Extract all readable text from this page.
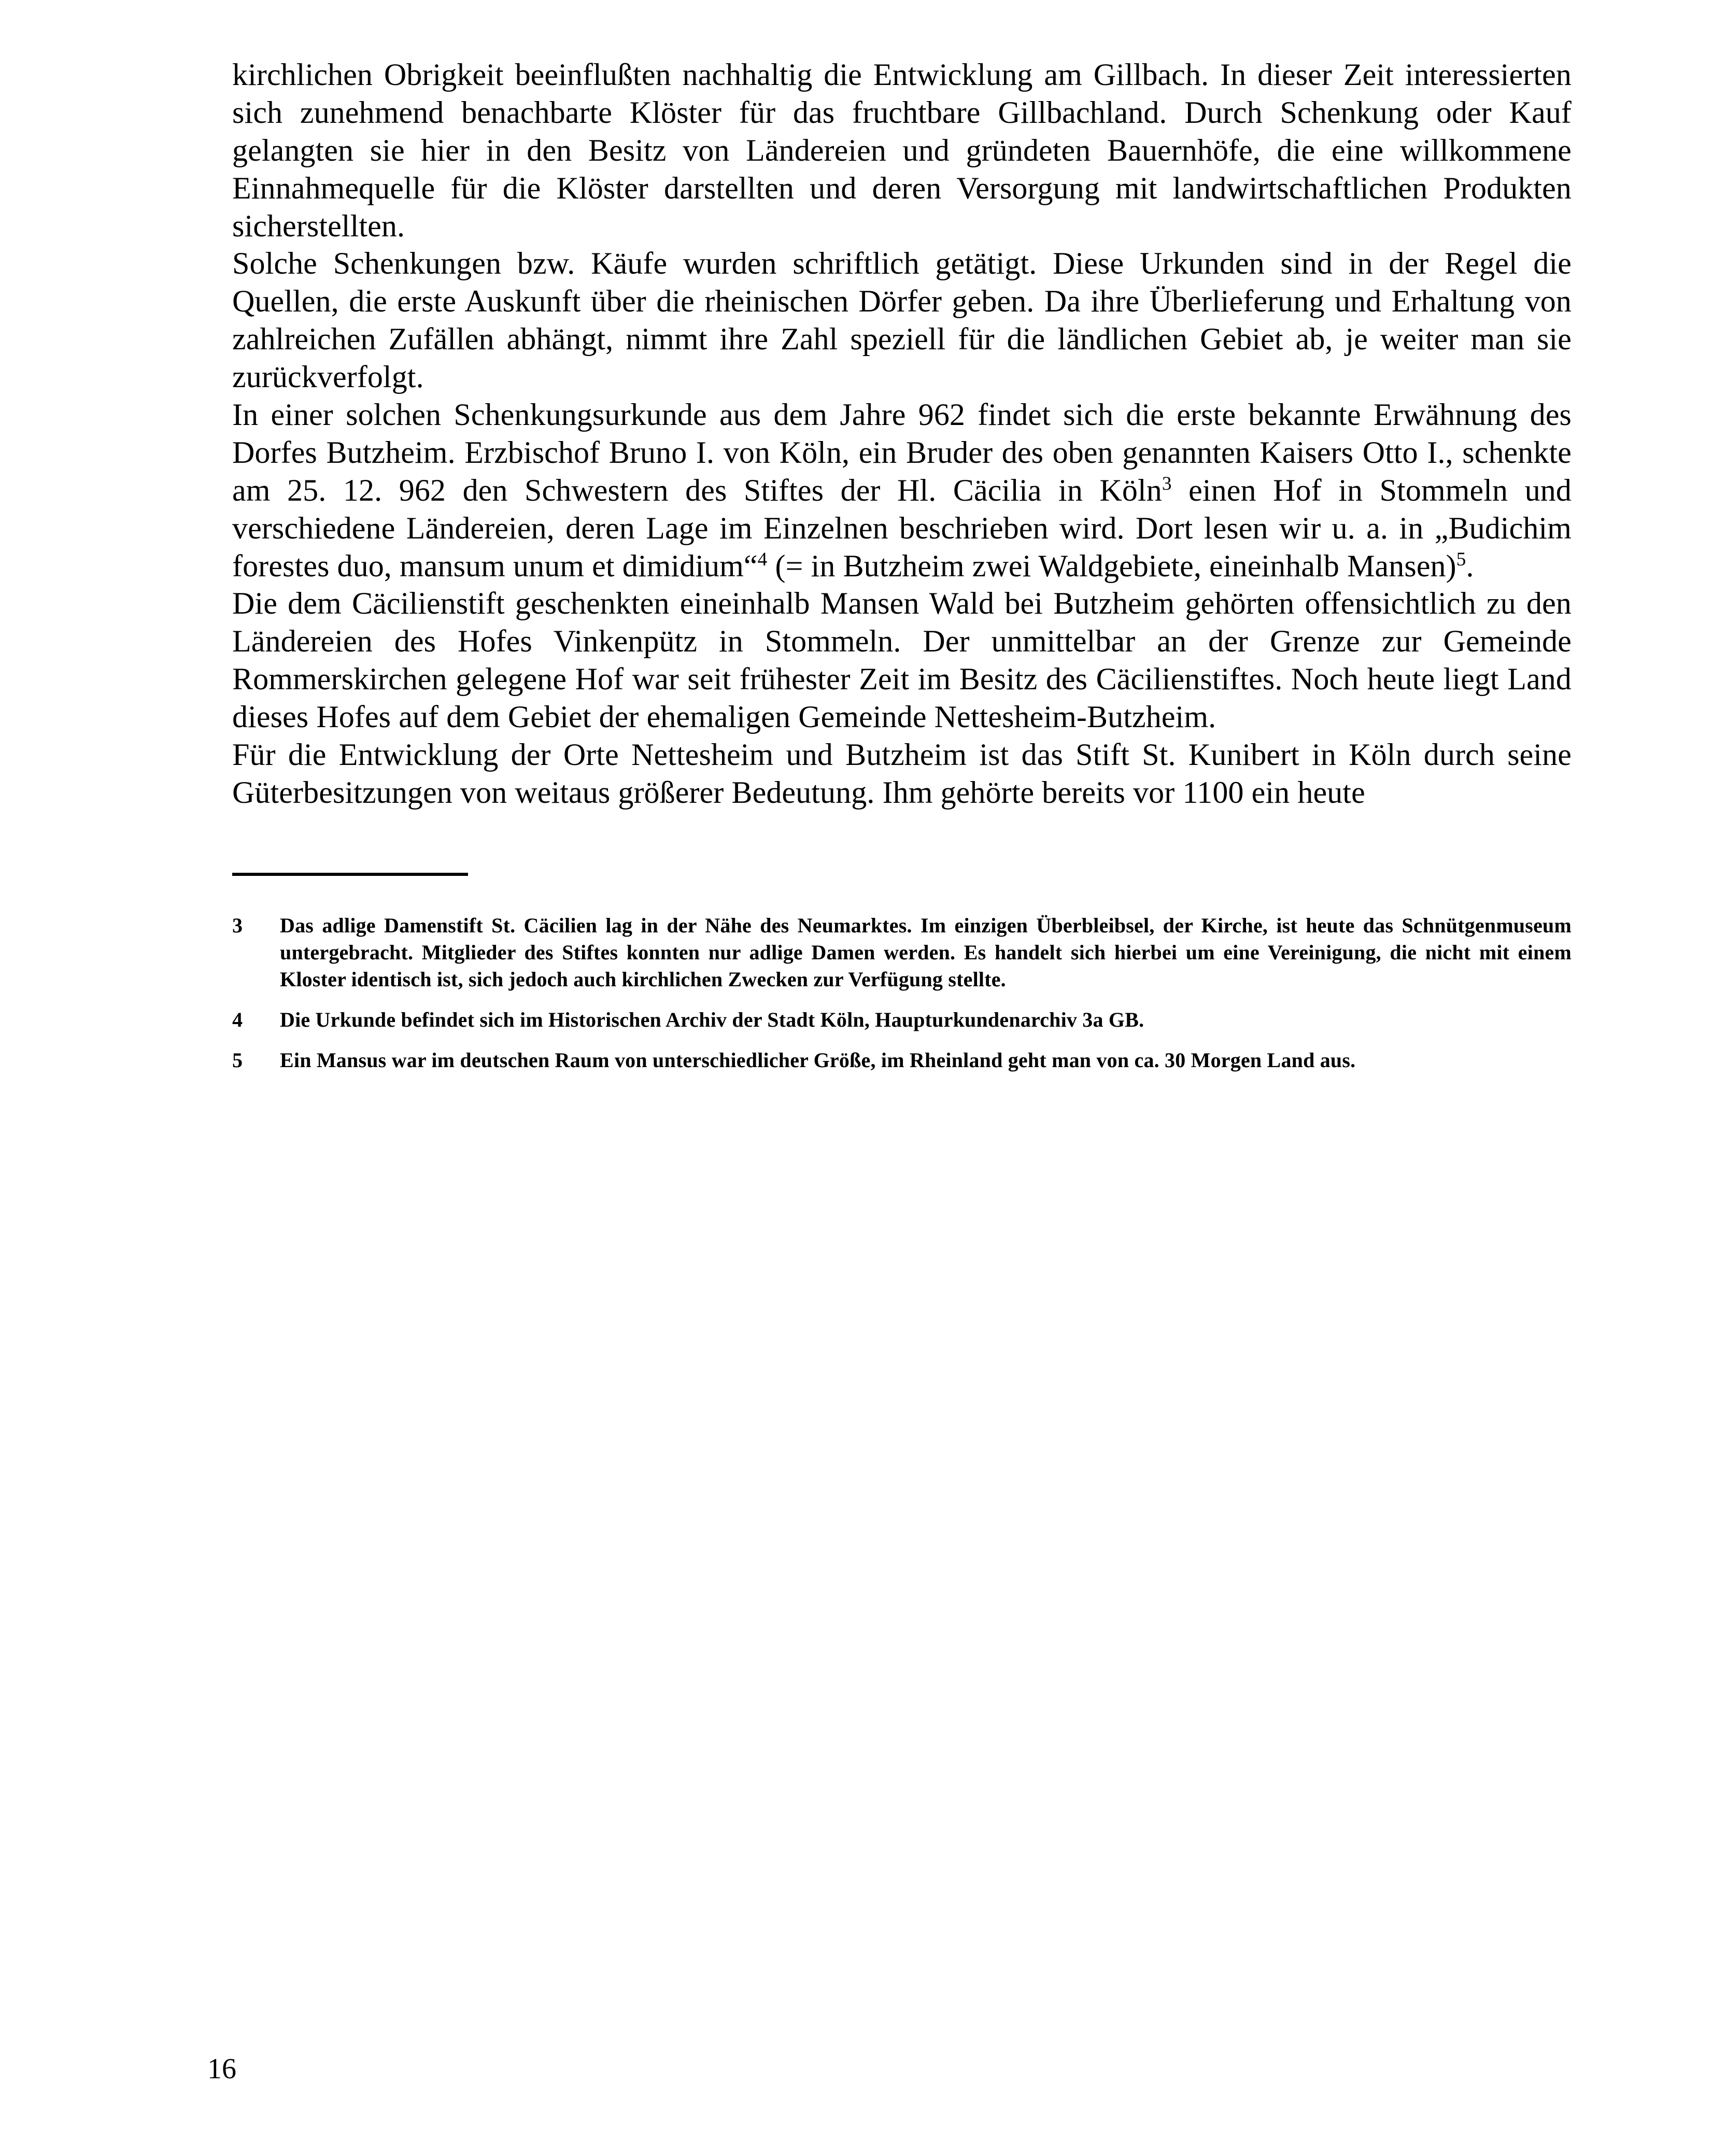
kirchlichen Obrigkeit beeinflußten nachhaltig die Entwicklung am Gillbach. In dieser Zeit interessierten sich zunehmend benachbarte Klöster für das fruchtbare Gillbachland. Durch Schenkung oder Kauf gelangten sie hier in den Besitz von Ländereien und gründeten Bauernhöfe, die eine willkommene Einnahmequelle für die Klöster darstellten und deren Versorgung mit landwirtschaftlichen Produkten sicherstellten.

Solche Schenkungen bzw. Käufe wurden schriftlich getätigt. Diese Urkunden sind in der Regel die Quellen, die erste Auskunft über die rheinischen Dörfer geben. Da ihre Überlieferung und Erhaltung von zahlreichen Zufällen abhängt, nimmt ihre Zahl speziell für die ländlichen Gebiet ab, je weiter man sie zurückverfolgt.

In einer solchen Schenkungsurkunde aus dem Jahre 962 findet sich die erste bekannte Erwähnung des Dorfes Butzheim. Erzbischof Bruno I. von Köln, ein Bruder des oben genannten Kaisers Otto I., schenkte am 25. 12. 962 den Schwestern des Stiftes der Hl. Cäcilia in Köln$^3$ einen Hof in Stommeln und verschiedene Ländereien, deren Lage im Einzelnen beschrieben wird. Dort lesen wir u. a. in „Budichim forestes duo, mansum unum et dimidium“$^4$ (= in Butzheim zwei Waldgebiete, eineinhalb Mansen)$^5$.

Die dem Cäcilienstift geschenkten eineinhalb Mansen Wald bei Butzheim gehörten offensichtlich zu den Ländereien des Hofes Vinkenpütz in Stommeln. Der unmittelbar an der Grenze zur Gemeinde Rommerskirchen gelegene Hof war seit frühester Zeit im Besitz des Cäcilienstiftes. Noch heute liegt Land dieses Hofes auf dem Gebiet der ehemaligen Gemeinde Nettesheim-Butzheim.

Für die Entwicklung der Orte Nettesheim und Butzheim ist das Stift St. Kunibert in Köln durch seine Güterbesitzungen von weitaus größerer Bedeutung. Ihm gehörte bereits vor 1100 ein heute

3	Das adlige Damenstift St. Cäcilien lag in der Nähe des Neumarktes. Im einzigen Überbleibsel, der Kirche, ist heute das Schnütgenmuseum untergebracht. Mitglieder des Stiftes konnten nur adlige Damen werden. Es handelt sich hierbei um eine Vereinigung, die nicht mit einem Kloster identisch ist, sich jedoch auch kirchlichen Zwecken zur Verfügung stellte.
4	Die Urkunde befindet sich im Historischen Archiv der Stadt Köln, Haupturkundenarchiv 3a GB.
5	Ein Mansus war im deutschen Raum von unterschiedlicher Größe, im Rheinland geht man von ca. 30 Morgen Land aus.
16
